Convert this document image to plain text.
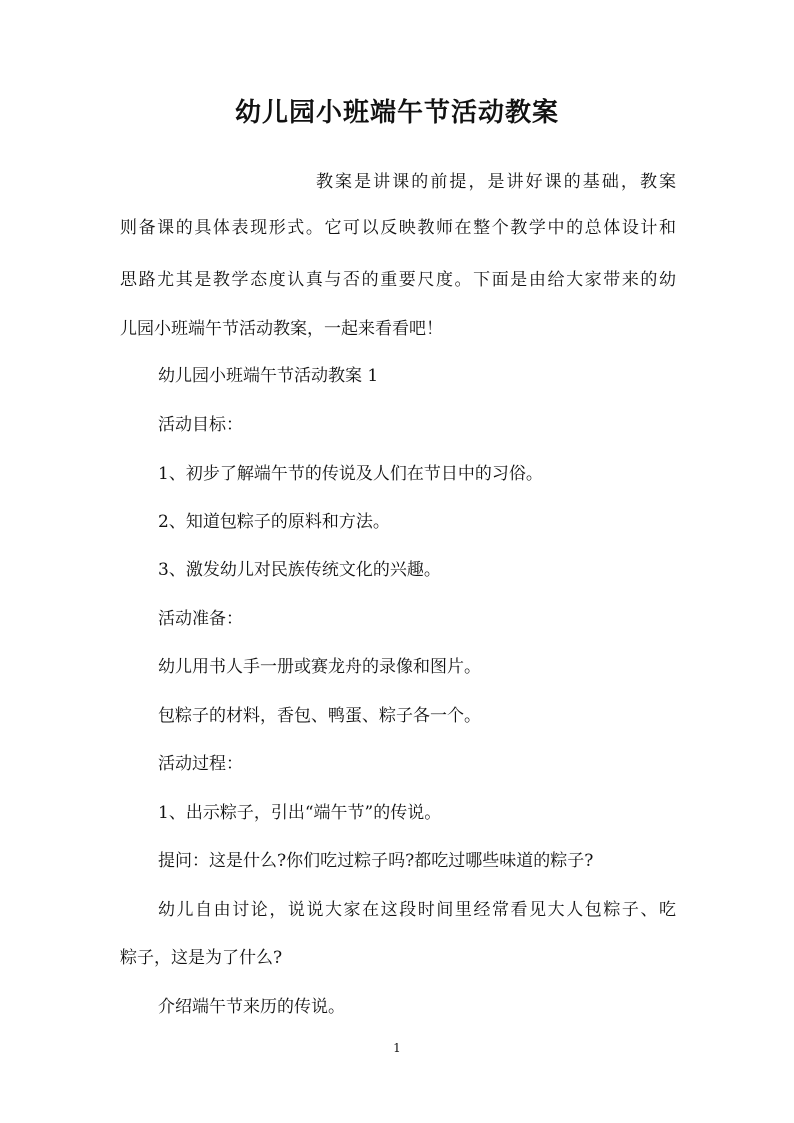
幼儿园小班端午节活动教案
教案是讲课的前提，是讲好课的基础，教案
则备课的具体表现形式。它可以反映教师在整个教学中的总体设计和
思路尤其是教学态度认真与否的重要尺度。下面是由给大家带来的幼
儿园小班端午节活动教案，一起来看看吧！
幼儿园小班端午节活动教案 1
活动目标：
1、初步了解端午节的传说及人们在节日中的习俗。
2、知道包粽子的原料和方法。
3、激发幼儿对民族传统文化的兴趣。
活动准备：
幼儿用书人手一册或赛龙舟的录像和图片。
包粽子的材料，香包、鸭蛋、粽子各一个。
活动过程：
1、出示粽子，引出“端午节”的传说。
提问：这是什么?你们吃过粽子吗?都吃过哪些味道的粽子?
幼儿自由讨论，说说大家在这段时间里经常看见大人包粽子、吃
粽子，这是为了什么?
介绍端午节来历的传说。
1
